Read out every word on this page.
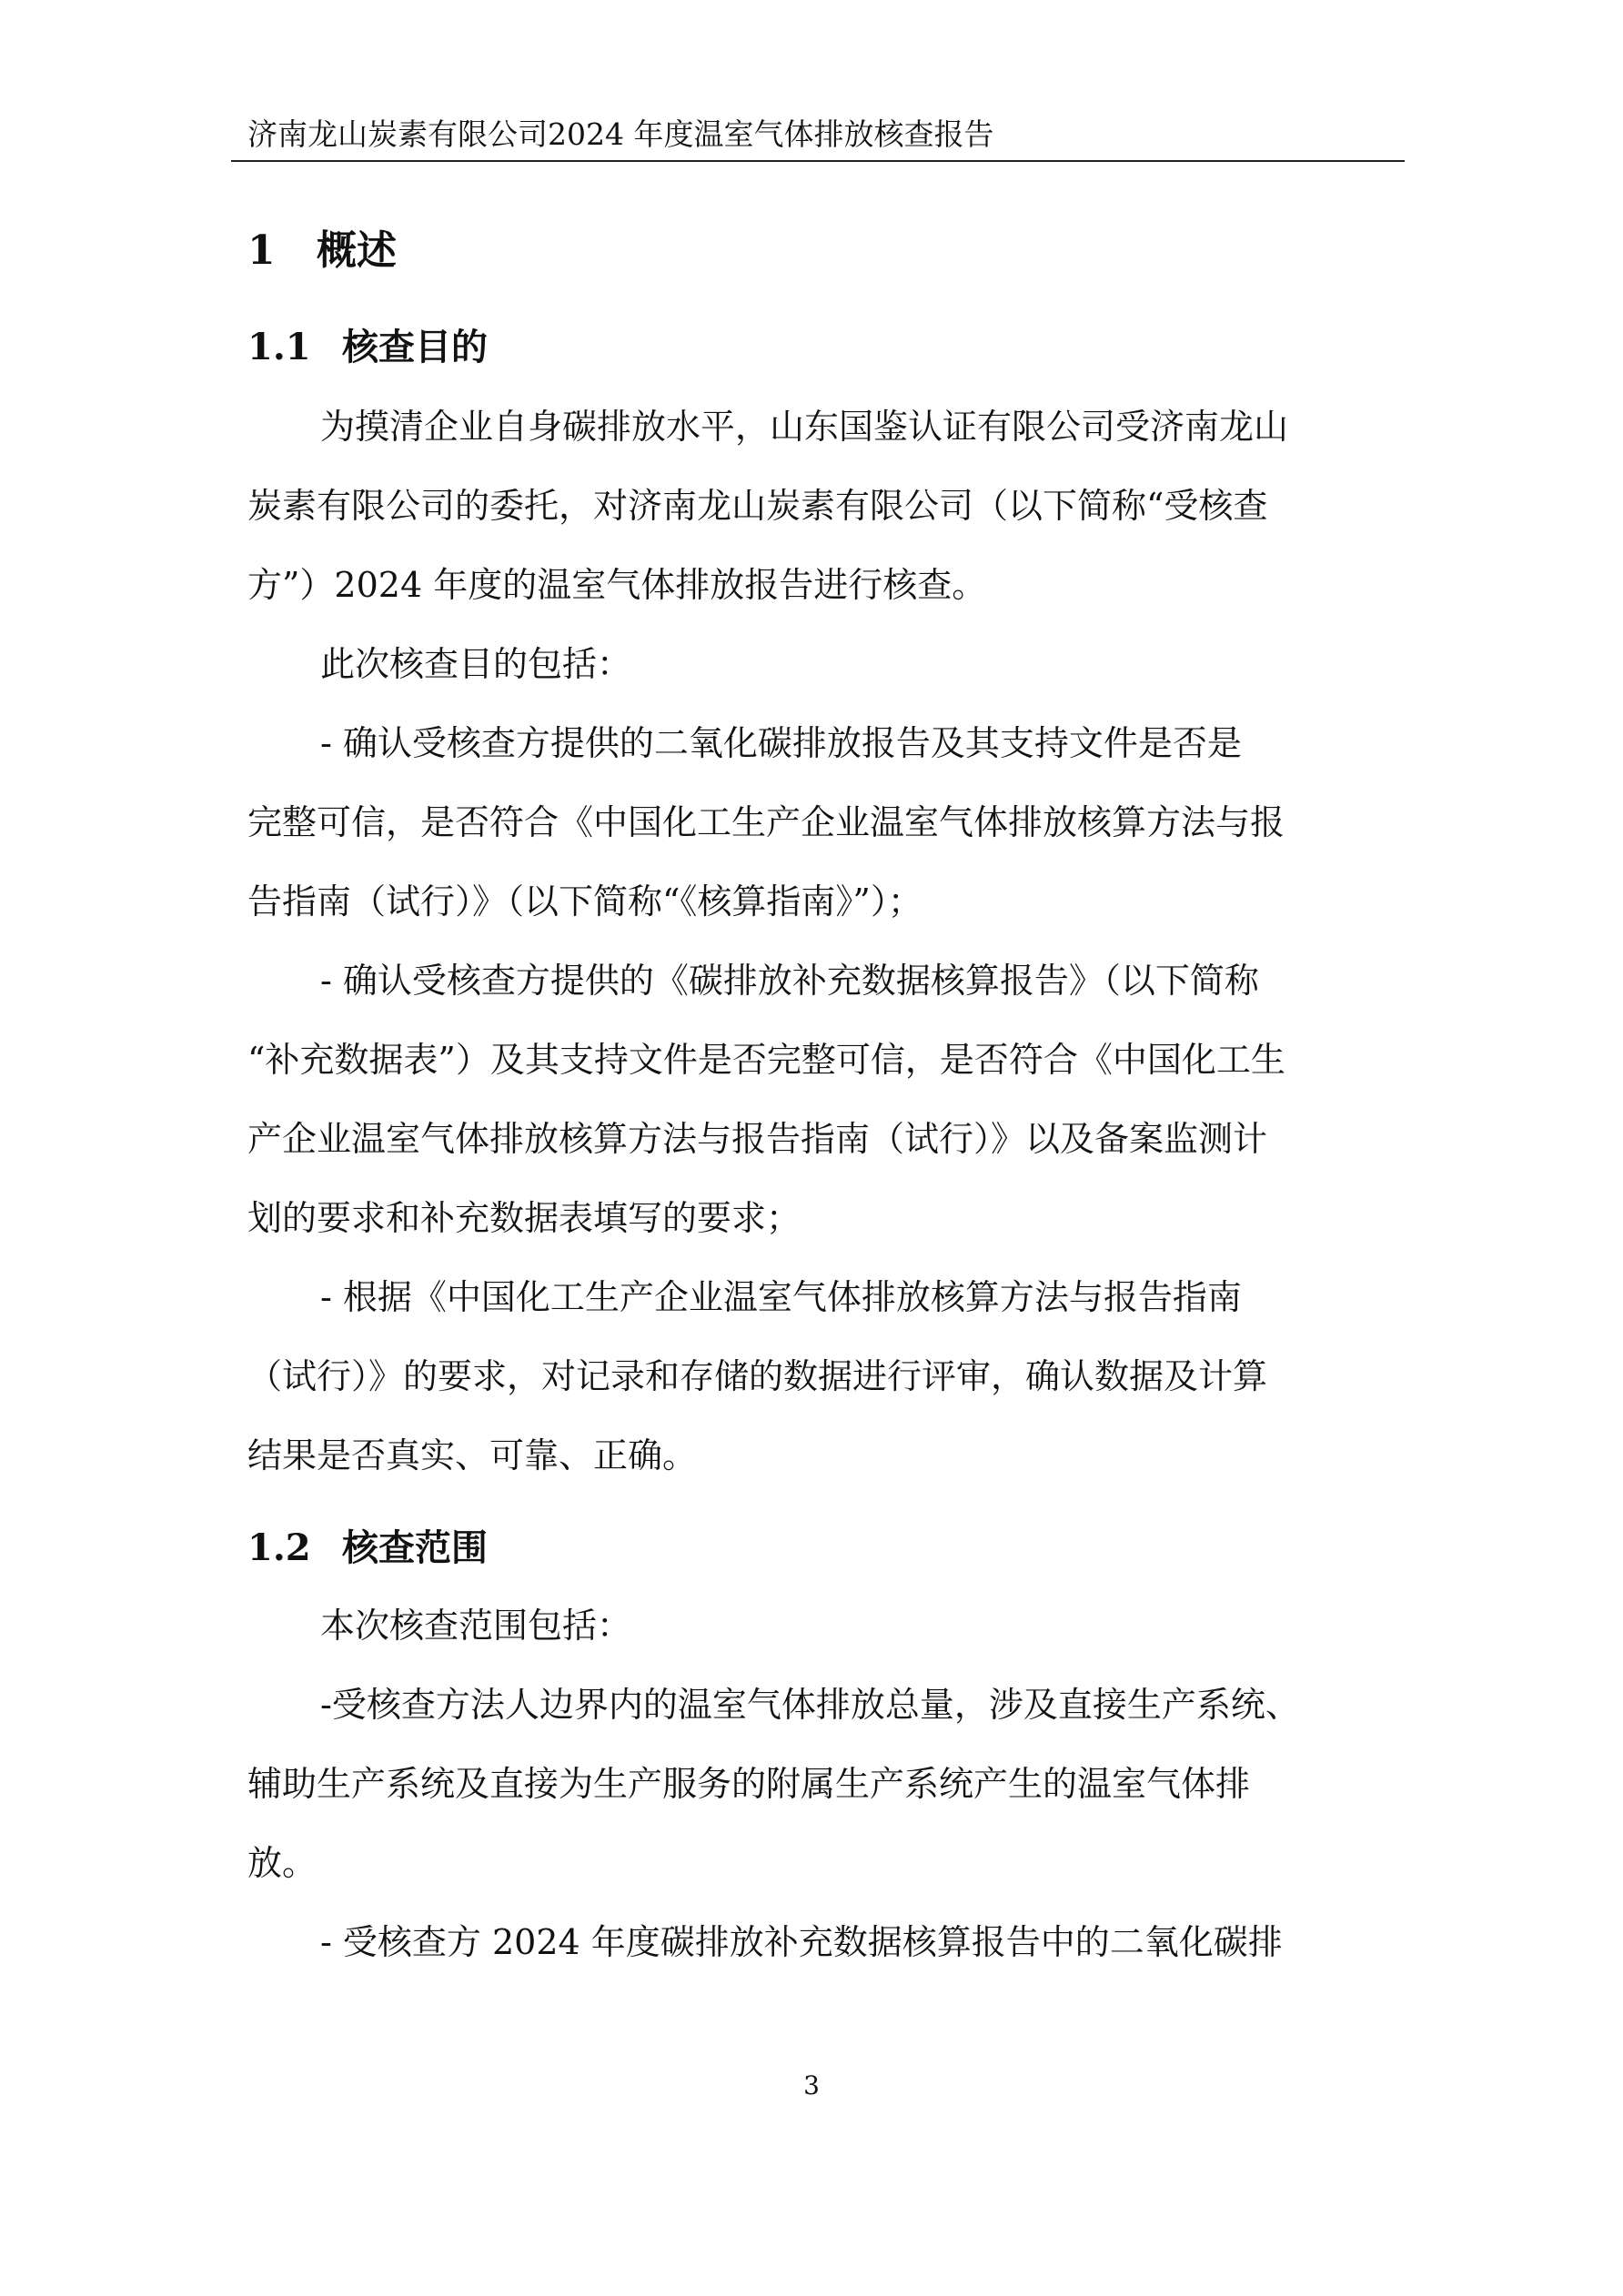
济南龙山炭素有限公司2024 年度温室气体排放核查报告
1 概述
1.1 核查目的
为摸清企业自身碳排放水平，山东国鉴认证有限公司受济南龙山
炭素有限公司的委托，对济南龙山炭素有限公司（以下简称“受核查
方”）2024 年度的温室气体排放报告进行核查。
此次核查目的包括：
- 确认受核查方提供的二氧化碳排放报告及其支持文件是否是
完整可信，是否符合《中国化工生产企业温室气体排放核算方法与报
告指南（试行）》（以下简称“《核算指南》”）；
- 确认受核查方提供的《碳排放补充数据核算报告》（以下简称
“补充数据表”）及其支持文件是否完整可信，是否符合《中国化工生
产企业温室气体排放核算方法与报告指南（试行）》以及备案监测计
划的要求和补充数据表填写的要求；
- 根据《中国化工生产企业温室气体排放核算方法与报告指南
（试行）》的要求，对记录和存储的数据进行评审，确认数据及计算
结果是否真实、可靠、正确。
1.2 核查范围
本次核查范围包括：
-受核查方法人边界内的温室气体排放总量，涉及直接生产系统、
辅助生产系统及直接为生产服务的附属生产系统产生的温室气体排
放。
- 受核查方 2024 年度碳排放补充数据核算报告中的二氧化碳排
3
